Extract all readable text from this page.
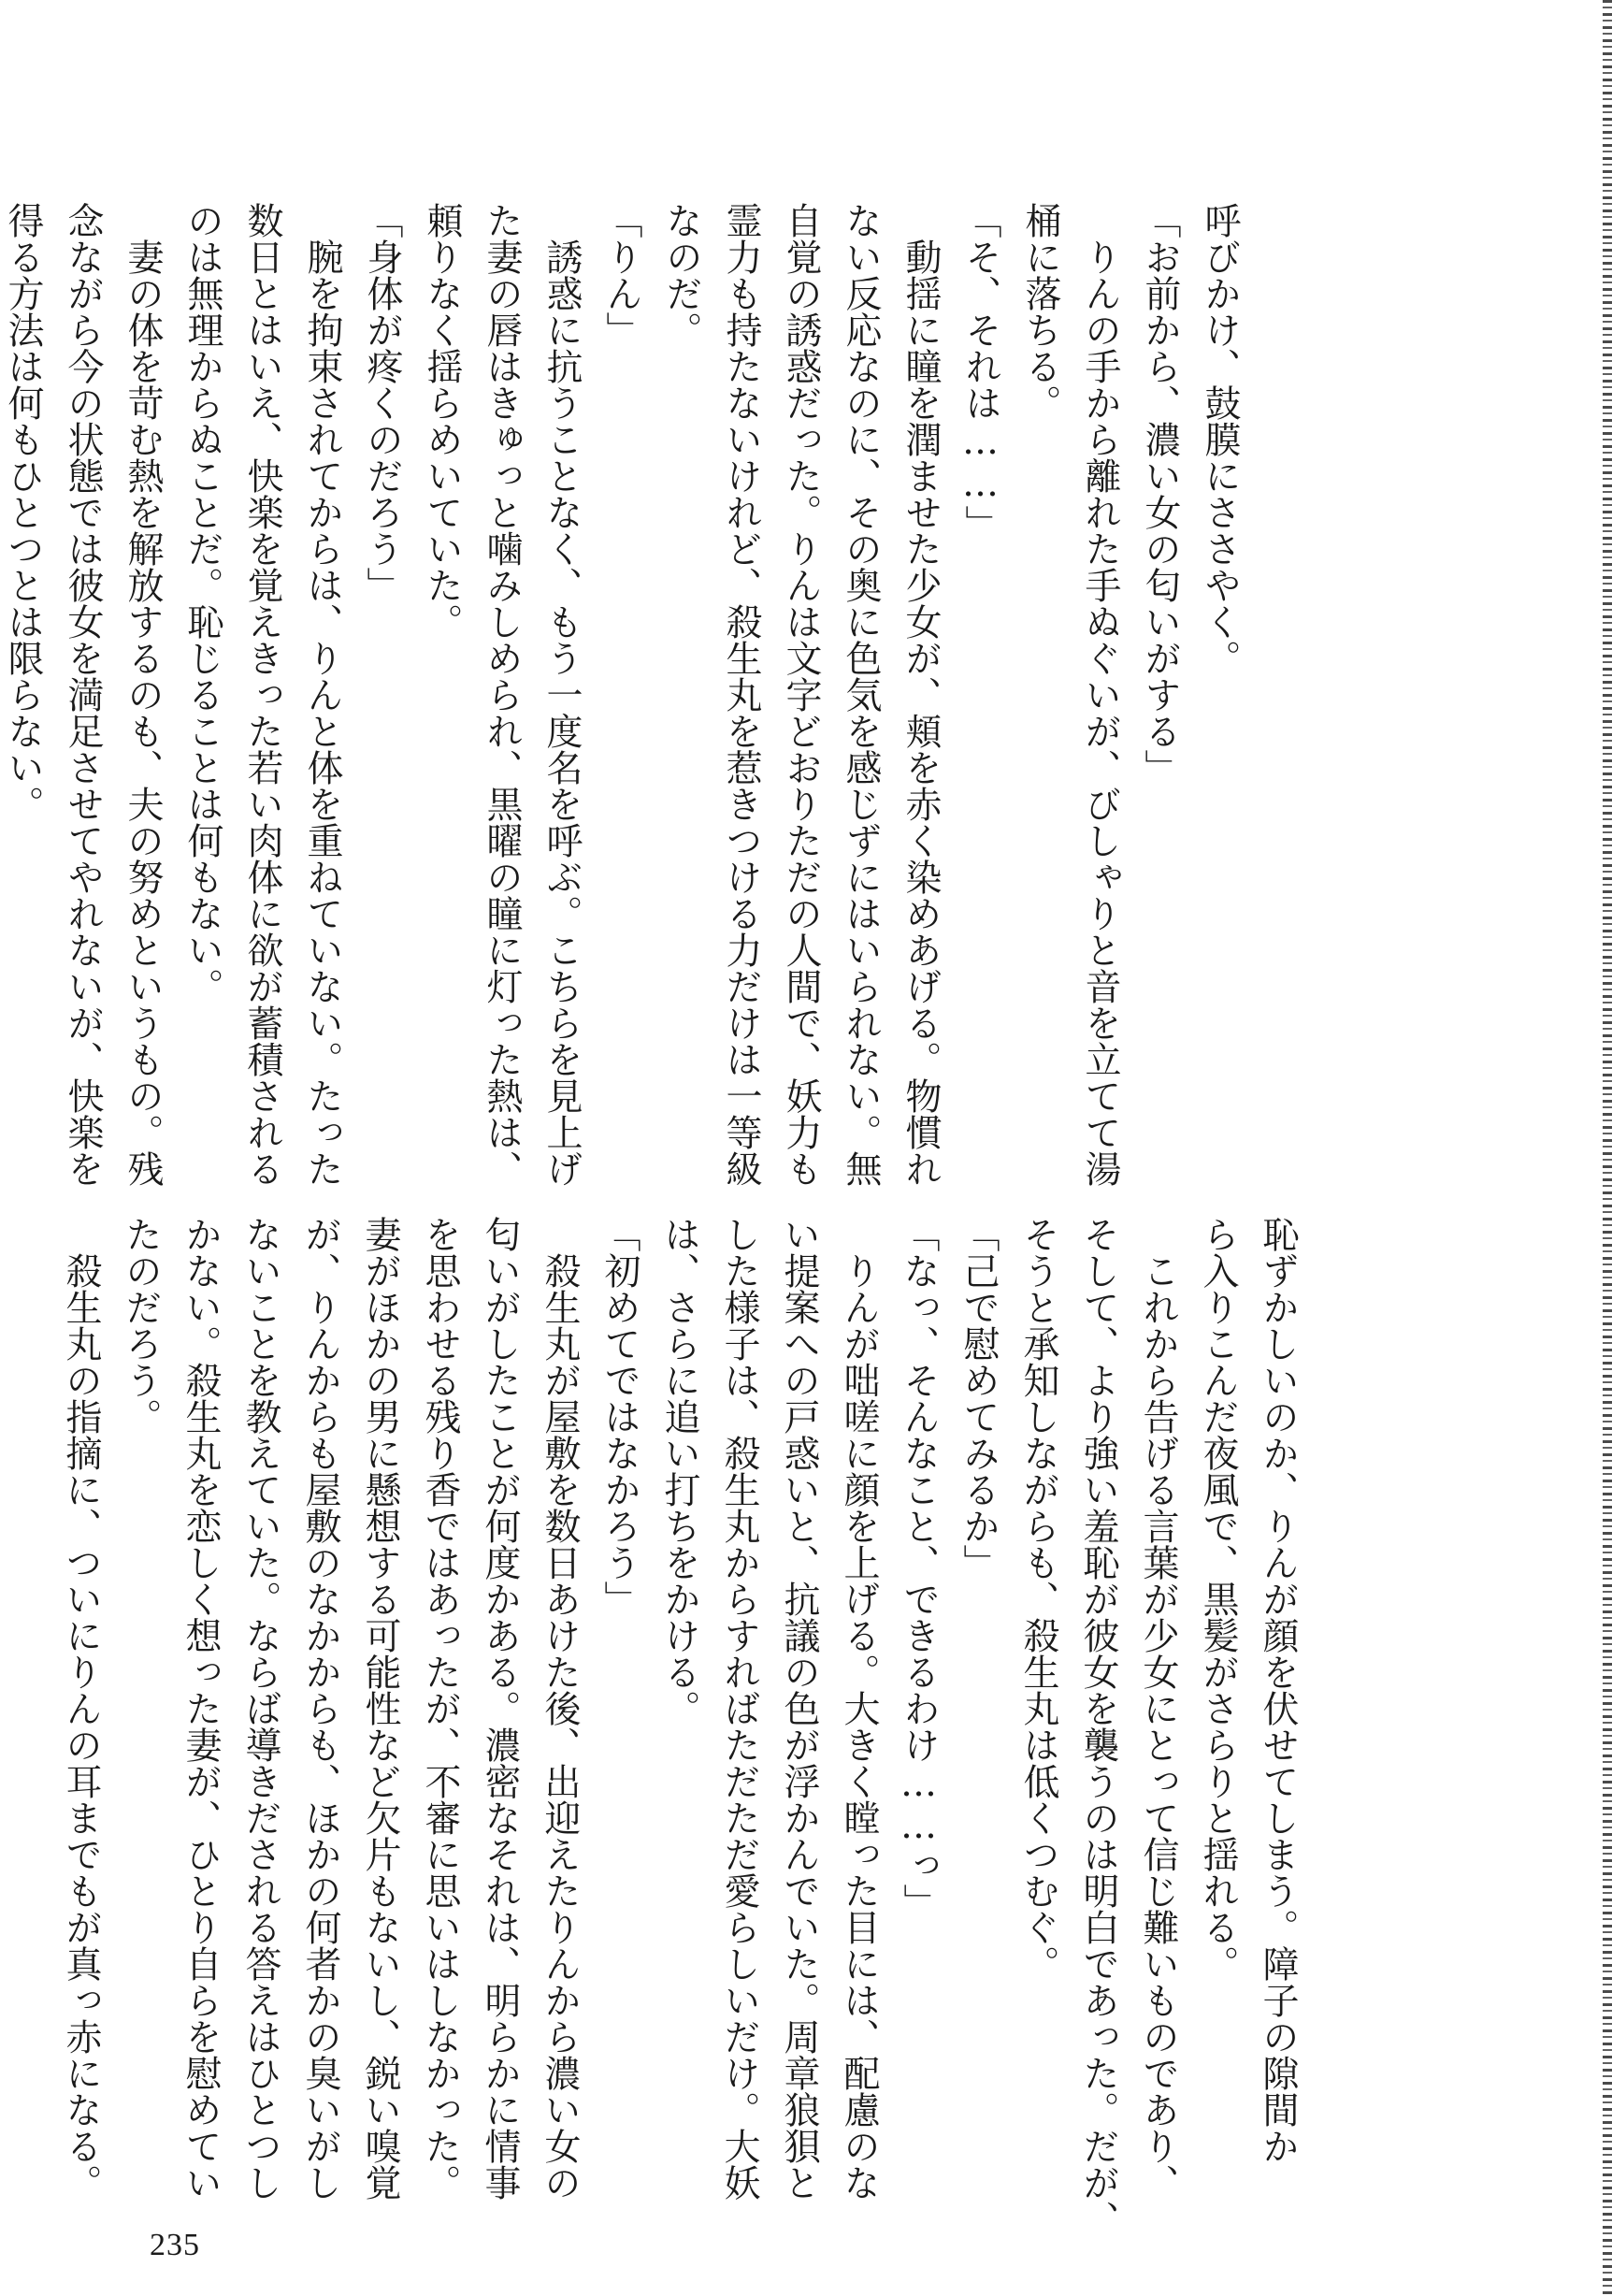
呼びかけ、鼓膜にささやく。
「お前から、濃い女の匂いがする」
　りんの手から離れた手ぬぐいが、びしゃりと音を立てて湯
桶に落ちる。
「そ、それは……」
　動揺に瞳を潤ませた少女が、頬を赤く染めあげる。物慣れ
ない反応なのに、その奥に色気を感じずにはいられない。無
自覚の誘惑だった。りんは文字どおりただの人間で、妖力も
霊力も持たないけれど、殺生丸を惹きつける力だけは一等級
なのだ。
「りん」
　誘惑に抗うことなく、もう一度名を呼ぶ。こちらを見上げ
た妻の唇はきゅっと噛みしめられ、黒曜の瞳に灯った熱は、
頼りなく揺らめいていた。
「身体が疼くのだろう」
　腕を拘束されてからは、りんと体を重ねていない。たった
数日とはいえ、快楽を覚えきった若い肉体に欲が蓄積される
のは無理からぬことだ。恥じることは何もない。
　妻の体を苛む熱を解放するのも、夫の努めというもの。残
念ながら今の状態では彼女を満足させてやれないが、快楽を
得る方法は何もひとつとは限らない。
恥ずかしいのか、りんが顔を伏せてしまう。障子の隙間か
ら入りこんだ夜風で、黒髪がさらりと揺れる。
　これから告げる言葉が少女にとって信じ難いものであり、
そして、より強い羞恥が彼女を襲うのは明白であった。だが、
そうと承知しながらも、殺生丸は低くつむぐ。
「己で慰めてみるか」
「なっ、そんなこと、できるわけ……っ」
　りんが咄嗟に顔を上げる。大きく瞠った目には、配慮のな
い提案への戸惑いと、抗議の色が浮かんでいた。周章狼狽と
した様子は、殺生丸からすればただただ愛らしいだけ。大妖
は、さらに追い打ちをかける。
「初めてではなかろう」
　殺生丸が屋敷を数日あけた後、出迎えたりんから濃い女の
匂いがしたことが何度かある。濃密なそれは、明らかに情事
を思わせる残り香ではあったが、不審に思いはしなかった。
妻がほかの男に懸想する可能性など欠片もないし、鋭い嗅覚
が、りんからも屋敷のなかからも、ほかの何者かの臭いがし
ないことを教えていた。ならば導きだされる答えはひとつし
かない。殺生丸を恋しく想った妻が、ひとり自らを慰めてい
たのだろう。
　殺生丸の指摘に、ついにりんの耳までもが真っ赤になる。
235
